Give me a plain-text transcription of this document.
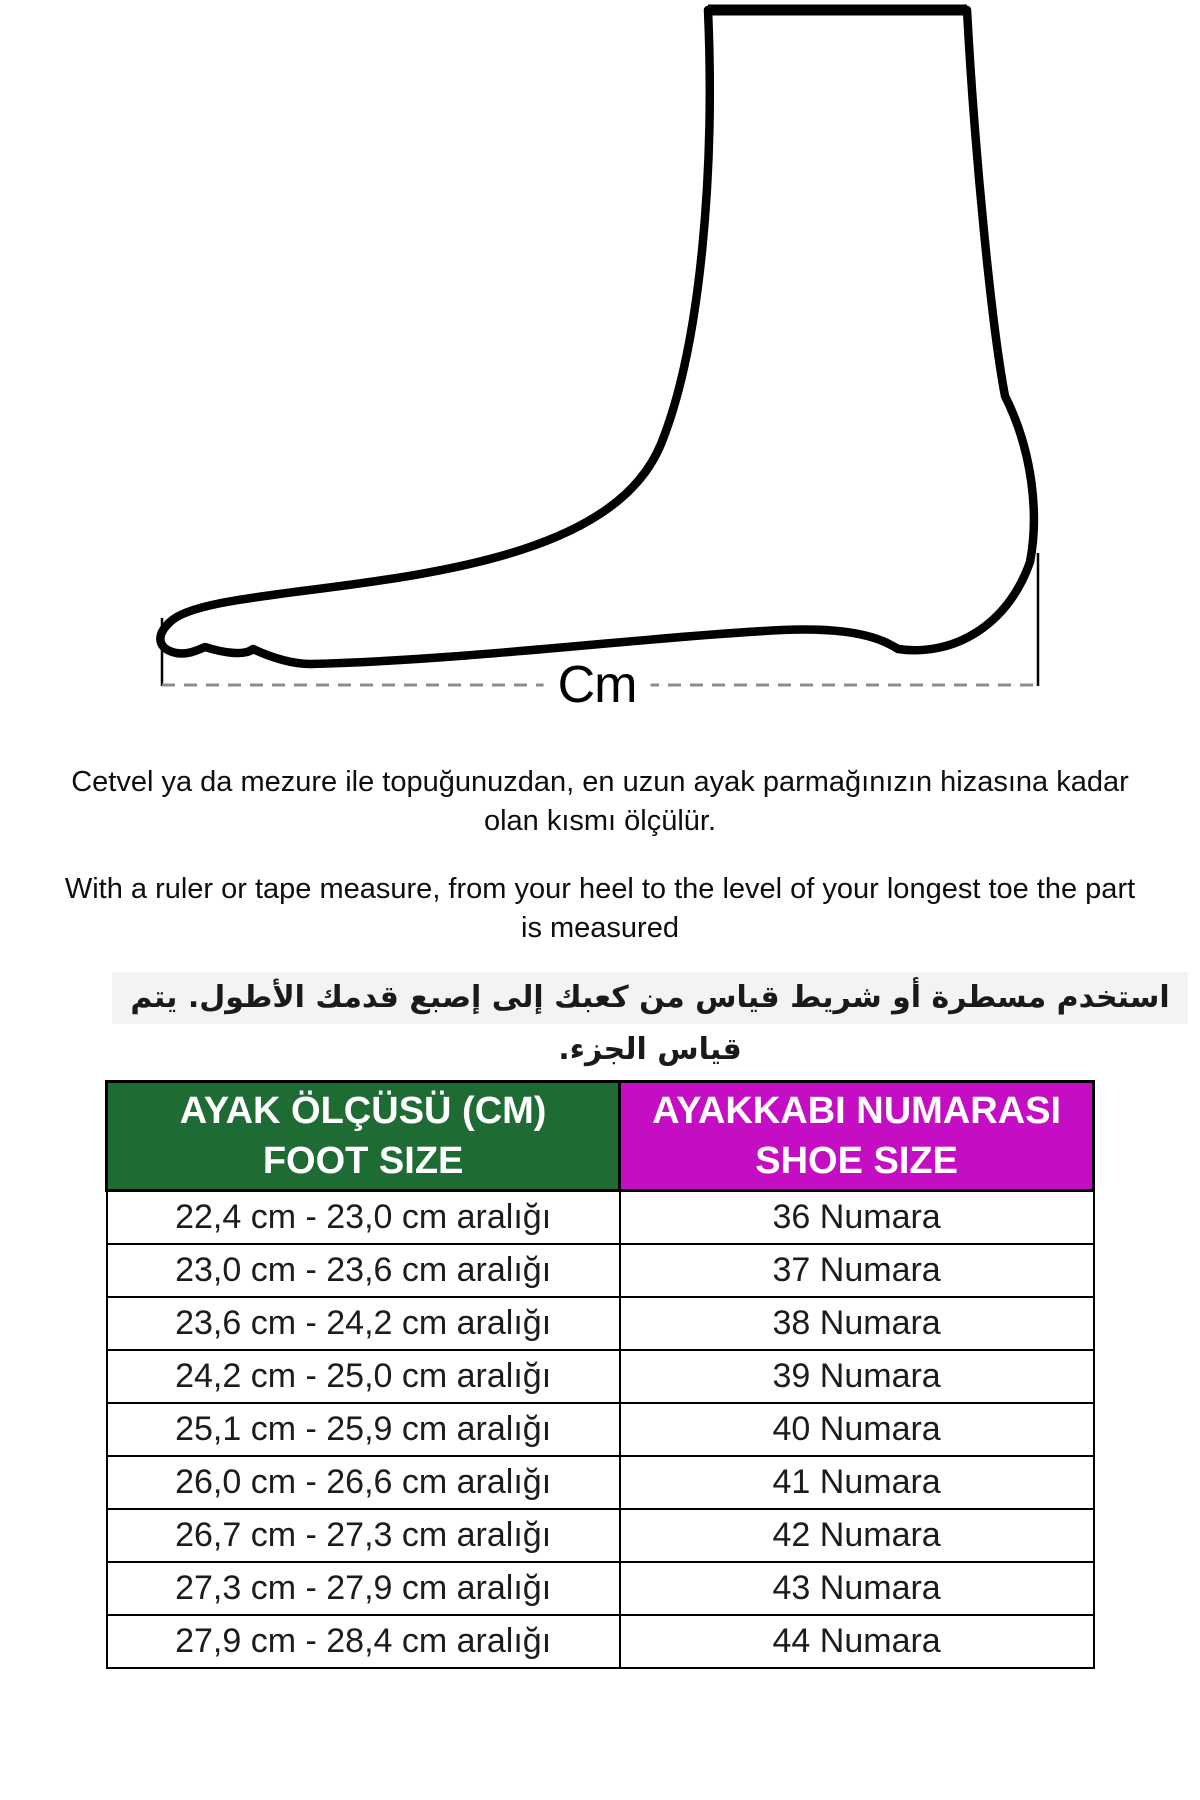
Cm

Cetvel ya da mezure ile topuğunuzdan, en uzun ayak parmağınızın hizasına kadar olan kısmı ölçülür.

With a ruler or tape measure, from your heel to the level of your longest toe the part is measured

استخدم مسطرة أو شريط قياس من كعبك إلى إصبع قدمك الأطول. يتم قياس الجزء.
AYAK ÖLÇÜSÜ (CM)
FOOT SIZE

AYAKKABI NUMARASI
SHOE SIZE

22,4 cm - 23,0 cm aralığı	36 Numara
23,0 cm - 23,6 cm aralığı	37 Numara
23,6 cm - 24,2 cm aralığı	38 Numara
24,2 cm - 25,0 cm aralığı	39 Numara
25,1 cm - 25,9 cm aralığı	40 Numara
26,0 cm - 26,6 cm aralığı	41 Numara
26,7 cm - 27,3 cm aralığı	42 Numara
27,3 cm - 27,9 cm aralığı	43 Numara
27,9 cm - 28,4 cm aralığı	44 Numara
